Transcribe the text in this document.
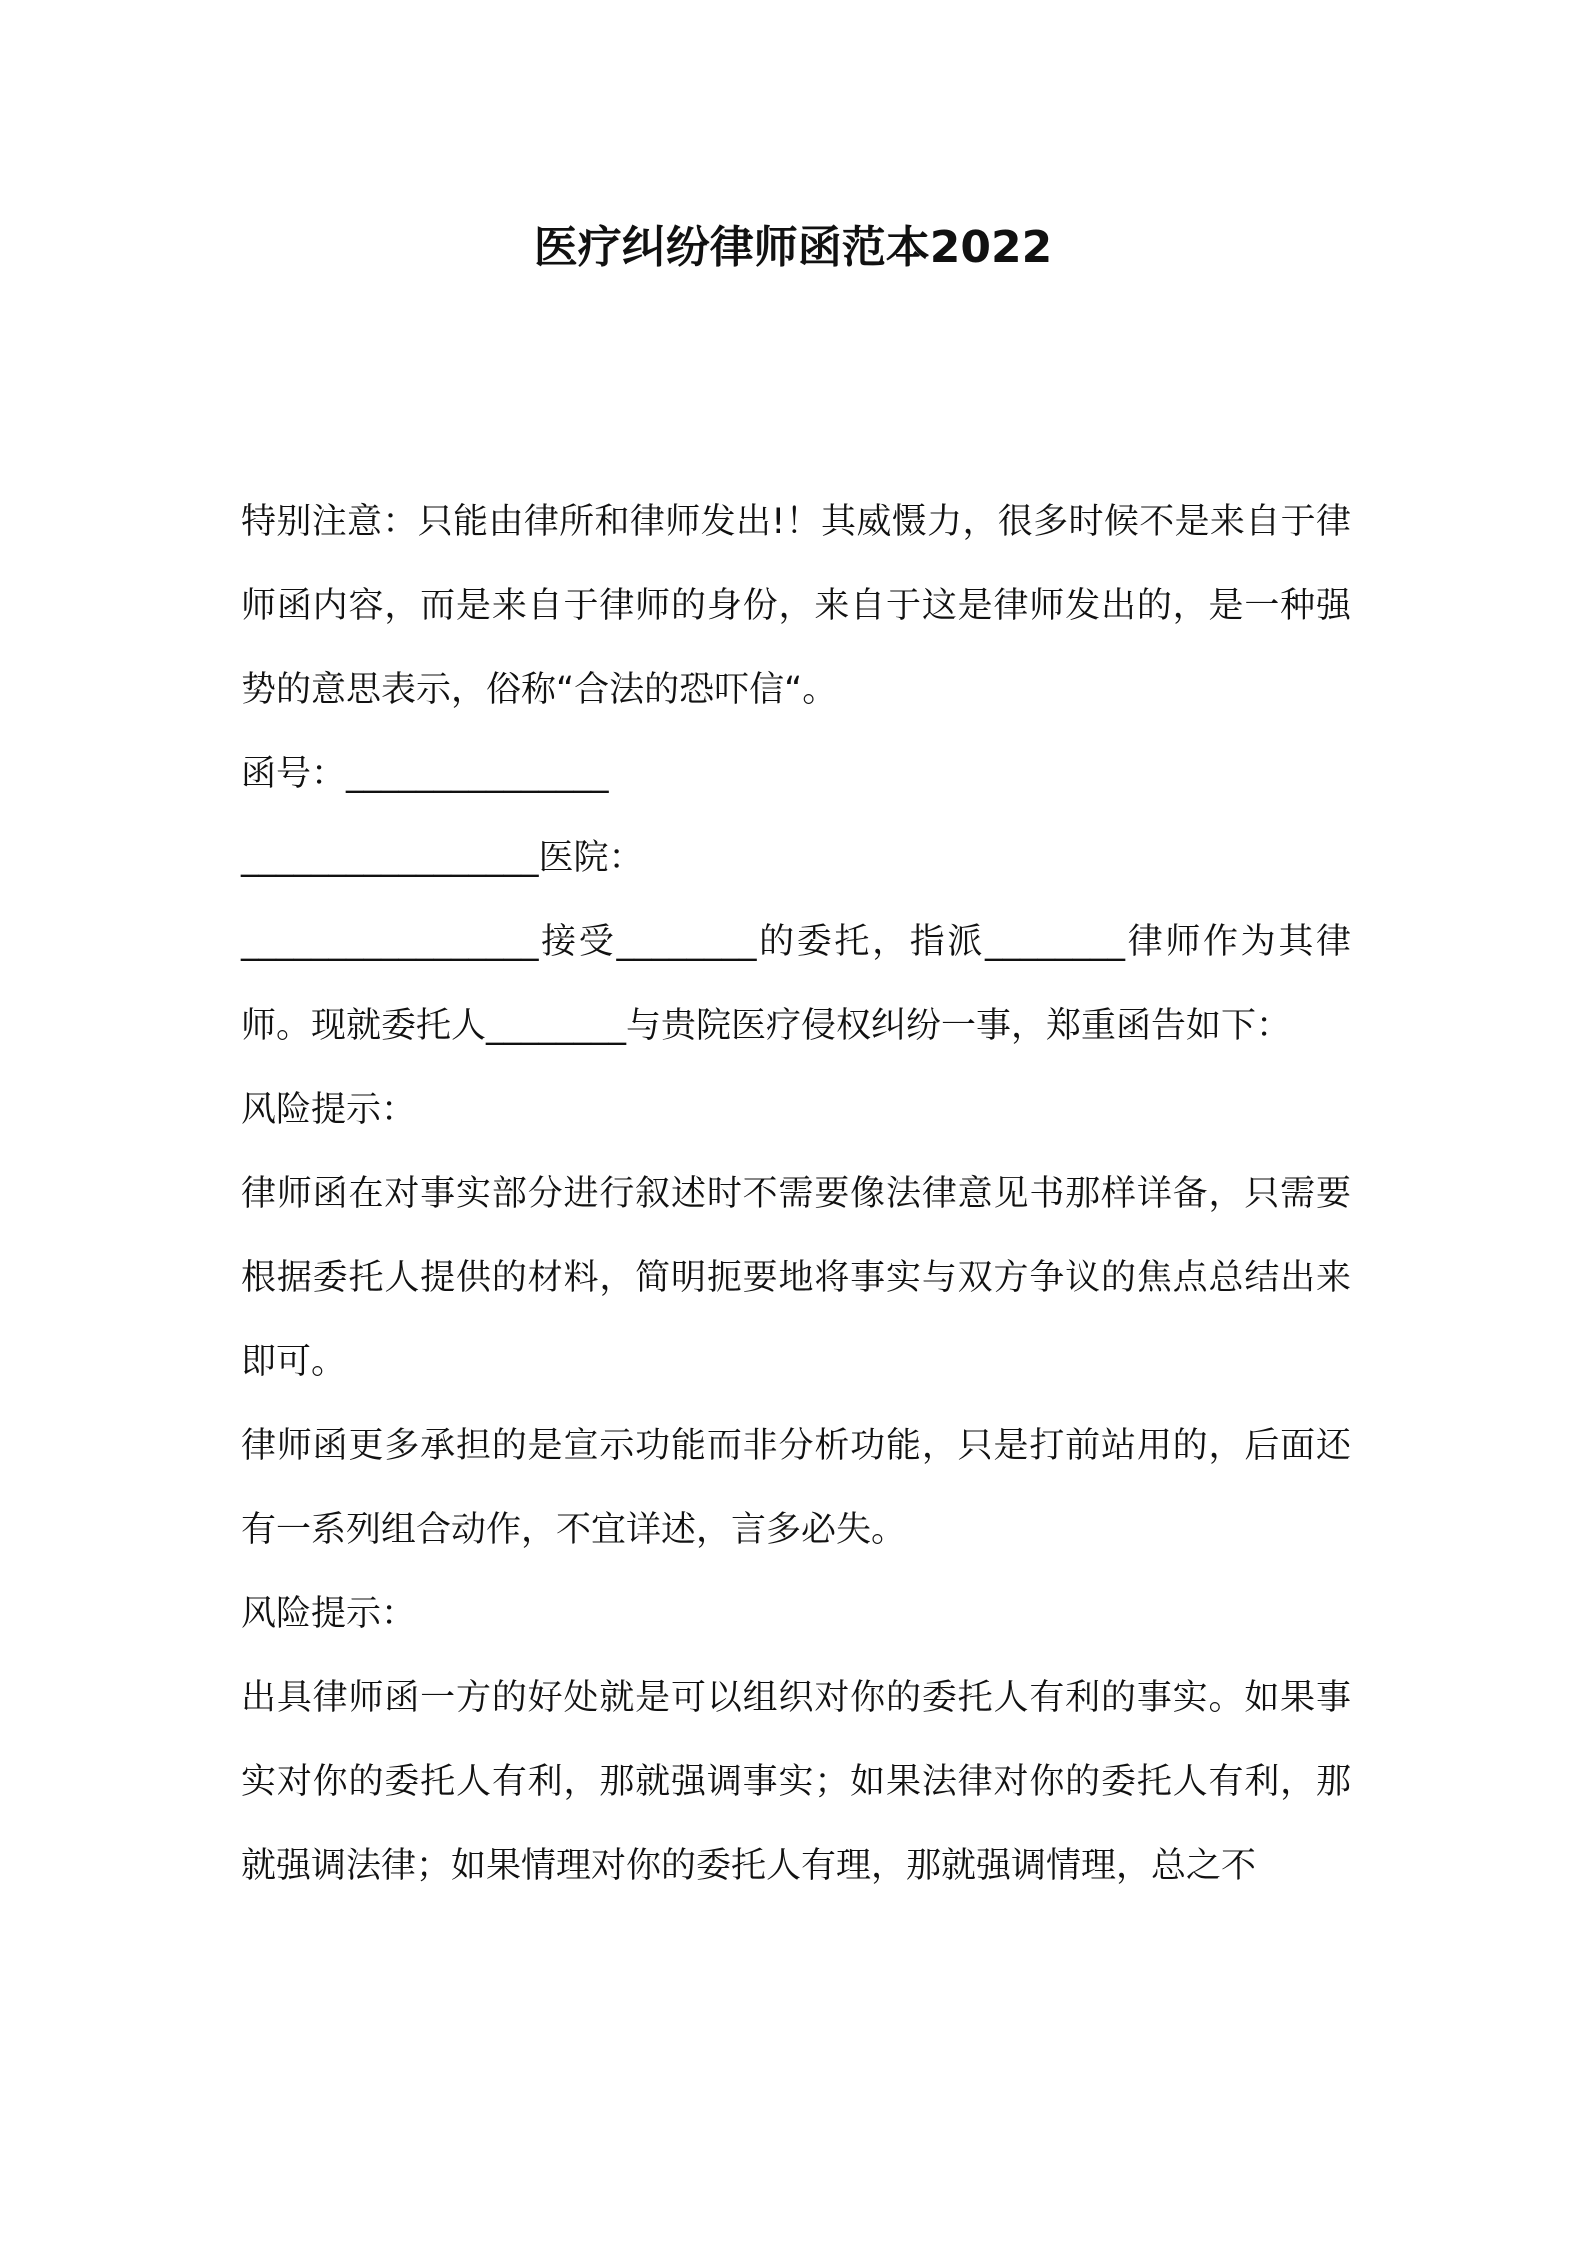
医疗纠纷律师函范本2022

特别注意：只能由律所和律师发出!！其威慑力，很多时候不是来自于律师函内容，而是来自于律师的身份，来自于这是律师发出的，是一种强势的意思表示，俗称“合法的恐吓信“。

函号：_______________

_________________医院：

_________________接受________的委托，指派________律师作为其律师。现就委托人________与贵院医疗侵权纠纷一事，郑重函告如下：

风险提示：

律师函在对事实部分进行叙述时不需要像法律意见书那样详备，只需要根据委托人提供的材料，简明扼要地将事实与双方争议的焦点总结出来即可。

律师函更多承担的是宣示功能而非分析功能，只是打前站用的，后面还有一系列组合动作，不宜详述，言多必失。

风险提示：

出具律师函一方的好处就是可以组织对你的委托人有利的事实。如果事实对你的委托人有利，那就强调事实；如果法律对你的委托人有利，那就强调法律；如果情理对你的委托人有理，那就强调情理，总之不
